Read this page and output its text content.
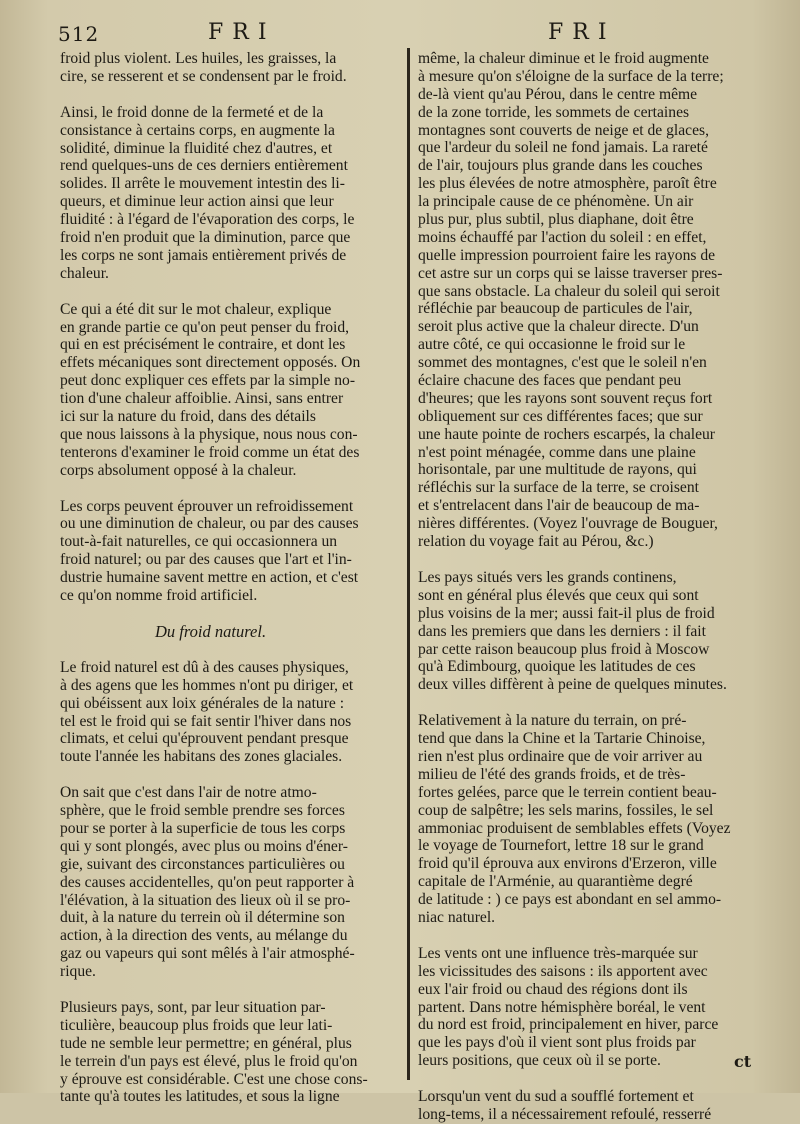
512	FRI	FRI
froid plus violent. Les huiles, les graisses, la
cire, se resserent et se condensent par le froid.
Ainsi, le froid donne de la fermeté et de la
consistance à certains corps, en augmente la
solidité, diminue la fluidité chez d'autres, et
rend quelques-uns de ces derniers entièrement
solides. Il arrête le mouvement intestin des li-
queurs, et diminue leur action ainsi que leur
fluidité : à l'égard de l'évaporation des corps, le
froid n'en produit que la diminution, parce que
les corps ne sont jamais entièrement privés de
chaleur.
Ce qui a été dit sur le mot chaleur, explique
en grande partie ce qu'on peut penser du froid,
qui en est précisément le contraire, et dont les
effets mécaniques sont directement opposés. On
peut donc expliquer ces effets par la simple no-
tion d'une chaleur affoiblie. Ainsi, sans entrer
ici sur la nature du froid, dans des détails
que nous laissons à la physique, nous nous con-
tenterons d'examiner le froid comme un état des
corps absolument opposé à la chaleur.
Les corps peuvent éprouver un refroidissement
ou une diminution de chaleur, ou par des causes
tout-à-fait naturelles, ce qui occasionnera un
froid naturel; ou par des causes que l'art et l'in-
dustrie humaine savent mettre en action, et c'est
ce qu'on nomme froid artificiel.
Du froid naturel.
Le froid naturel est dû à des causes physiques,
à des agens que les hommes n'ont pu diriger, et
qui obéissent aux loix générales de la nature :
tel est le froid qui se fait sentir l'hiver dans nos
climats, et celui qu'éprouvent pendant presque
toute l'année les habitans des zones glaciales.
On sait que c'est dans l'air de notre atmo-
sphère, que le froid semble prendre ses forces
pour se porter à la superficie de tous les corps
qui y sont plongés, avec plus ou moins d'éner-
gie, suivant des circonstances particulières ou
des causes accidentelles, qu'on peut rapporter à
l'élévation, à la situation des lieux où il se pro-
duit, à la nature du terrein où il détermine son
action, à la direction des vents, au mélange du
gaz ou vapeurs qui sont mêlés à l'air atmosphé-
rique.
Plusieurs pays, sont, par leur situation par-
ticulière, beaucoup plus froids que leur lati-
tude ne semble leur permettre; en général, plus
le terrein d'un pays est élevé, plus le froid qu'on
y éprouve est considérable. C'est une chose cons-
tante qu'à toutes les latitudes, et sous la ligne
même, la chaleur diminue et le froid augmente
à mesure qu'on s'éloigne de la surface de la terre;
de-là vient qu'au Pérou, dans le centre même
de la zone torride, les sommets de certaines
montagnes sont couverts de neige et de glaces,
que l'ardeur du soleil ne fond jamais. La rareté
de l'air, toujours plus grande dans les couches
les plus élevées de notre atmosphère, paroît être
la principale cause de ce phénomène. Un air
plus pur, plus subtil, plus diaphane, doit être
moins échauffé par l'action du soleil : en effet,
quelle impression pourroient faire les rayons de
cet astre sur un corps qui se laisse traverser pres-
que sans obstacle. La chaleur du soleil qui seroit
réfléchie par beaucoup de particules de l'air,
seroit plus active que la chaleur directe. D'un
autre côté, ce qui occasionne le froid sur le
sommet des montagnes, c'est que le soleil n'en
éclaire chacune des faces que pendant peu
d'heures; que les rayons sont souvent reçus fort
obliquement sur ces différentes faces; que sur
une haute pointe de rochers escarpés, la chaleur
n'est point ménagée, comme dans une plaine
horisontale, par une multitude de rayons, qui
réfléchis sur la surface de la terre, se croisent
et s'entrelacent dans l'air de beaucoup de ma-
nières différentes. (Voyez l'ouvrage de Bouguer,
relation du voyage fait au Pérou, &c.)
Les pays situés vers les grands continens,
sont en général plus élevés que ceux qui sont
plus voisins de la mer; aussi fait-il plus de froid
dans les premiers que dans les derniers : il fait
par cette raison beaucoup plus froid à Moscow
qu'à Edimbourg, quoique les latitudes de ces
deux villes diffèrent à peine de quelques minutes.
Relativement à la nature du terrain, on pré-
tend que dans la Chine et la Tartarie Chinoise,
rien n'est plus ordinaire que de voir arriver au
milieu de l'été des grands froids, et de très-
fortes gelées, parce que le terrein contient beau-
coup de salpêtre; les sels marins, fossiles, le sel
ammoniac produisent de semblables effets (Voyez
le voyage de Tournefort, lettre 18 sur le grand
froid qu'il éprouva aux environs d'Erzeron, ville
capitale de l'Arménie, au quarantième degré
de latitude : ) ce pays est abondant en sel ammo-
niac naturel.
Les vents ont une influence très-marquée sur
les vicissitudes des saisons : ils apportent avec
eux l'air froid ou chaud des régions dont ils
partent. Dans notre hémisphère boréal, le vent
du nord est froid, principalement en hiver, parce
que les pays d'où il vient sont plus froids par
leurs positions, que ceux où il se porte.
Lorsqu'un vent du sud a soufflé fortement et
long-tems, il a nécessairement refoulé, resserré
ct
